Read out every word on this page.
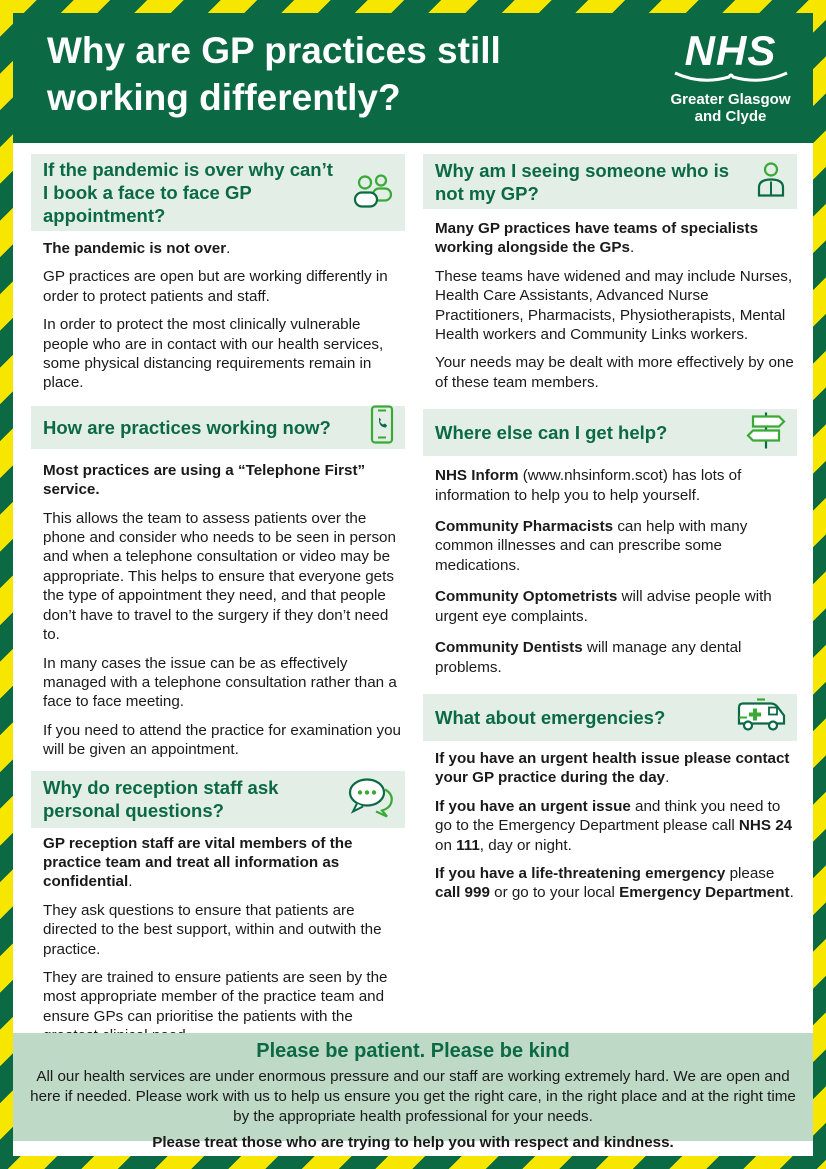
Why are GP practices still
working differently?
NHS
Greater Glasgow
and Clyde
If the pandemic is over why can’t I book a face to face GP appointment?
The pandemic is not over.
GP practices are open but are working differently in order to protect patients and staff.
In order to protect the most clinically vulnerable people who are in contact with our health services, some physical distancing requirements remain in place.
How are practices working now?
Most practices are using a “Telephone First” service.
This allows the team to assess patients over the phone and consider who needs to be seen in person and when a telephone consultation or video may be appropriate. This helps to ensure that everyone gets the type of appointment they need, and that people don’t have to travel to the surgery if they don’t need to.
In many cases the issue can be as effectively managed with a telephone consultation rather than a face to face meeting.
If you need to attend the practice for examination you will be given an appointment.
Why do reception staff ask personal questions?
GP reception staff are vital members of the practice team and treat all information as confidential.
They ask questions to ensure that patients are directed to the best support, within and outwith the practice.
They are trained to ensure patients are seen by the most appropriate member of the practice team and ensure GPs can prioritise the patients with the
Why am I seeing someone who is not my GP?
Many GP practices have teams of specialists working alongside the GPs.
These teams have widened and may include Nurses, Health Care Assistants, Advanced Nurse Practitioners, Pharmacists, Physiotherapists, Mental Health workers and Community Links workers.
Your needs may be dealt with more effectively by one of these team members.
Where else can I get help?
NHS Inform (www.nhsinform.scot) has lots of information to help you to help yourself.
Community Pharmacists can help with many common illnesses and can prescribe some medications.
Community Optometrists will advise people with urgent eye complaints.
Community Dentists will manage any dental problems.
What about emergencies?
If you have an urgent health issue please contact your GP practice during the day.
If you have an urgent issue and think you need to go to the Emergency Department please call NHS 24 on 111, day or night.
If you have a life-threatening emergency please call 999 or go to your local Emergency Department.
Please be patient. Please be kind
All our health services are under enormous pressure and our staff are working extremely hard. We are open and here if needed. Please work with us to help us ensure you get the right care, in the right place and at the right time by the appropriate health professional for your needs.
Please treat those who are trying to help you with respect and kindness.
